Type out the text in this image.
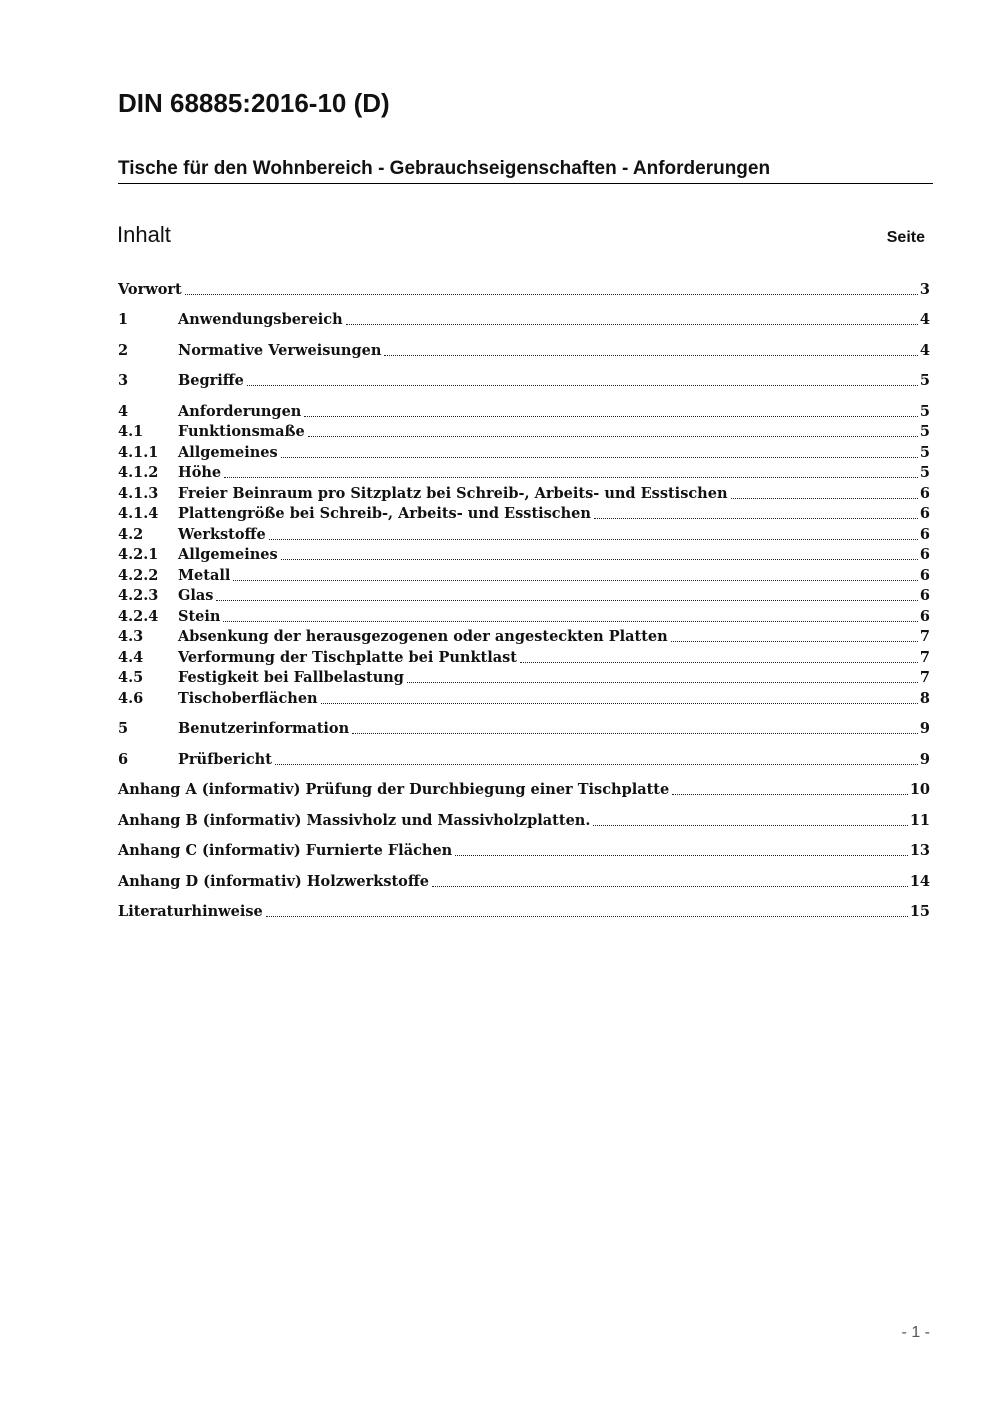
DIN 68885:2016-10 (D)
Tische für den Wohnbereich - Gebrauchseigenschaften - Anforderungen
Inhalt	Seite
Vorwort	3
1	Anwendungsbereich	4
2	Normative Verweisungen	4
3	Begriffe	5
4	Anforderungen	5
4.1	Funktionsmaße	5
4.1.1	Allgemeines	5
4.1.2	Höhe	5
4.1.3	Freier Beinraum pro Sitzplatz bei Schreib-, Arbeits- und Esstischen	6
4.1.4	Plattengröße bei Schreib-, Arbeits- und Esstischen	6
4.2	Werkstoffe	6
4.2.1	Allgemeines	6
4.2.2	Metall	6
4.2.3	Glas	6
4.2.4	Stein	6
4.3	Absenkung der herausgezogenen oder angesteckten Platten	7
4.4	Verformung der Tischplatte bei Punktlast	7
4.5	Festigkeit bei Fallbelastung	7
4.6	Tischoberflächen	8
5	Benutzerinformation	9
6	Prüfbericht	9
Anhang A (informativ) Prüfung der Durchbiegung einer Tischplatte	10
Anhang B (informativ) Massivholz und Massivholzplatten.	11
Anhang C (informativ) Furnierte Flächen	13
Anhang D (informativ) Holzwerkstoffe	14
Literaturhinweise	15
- 1 -
